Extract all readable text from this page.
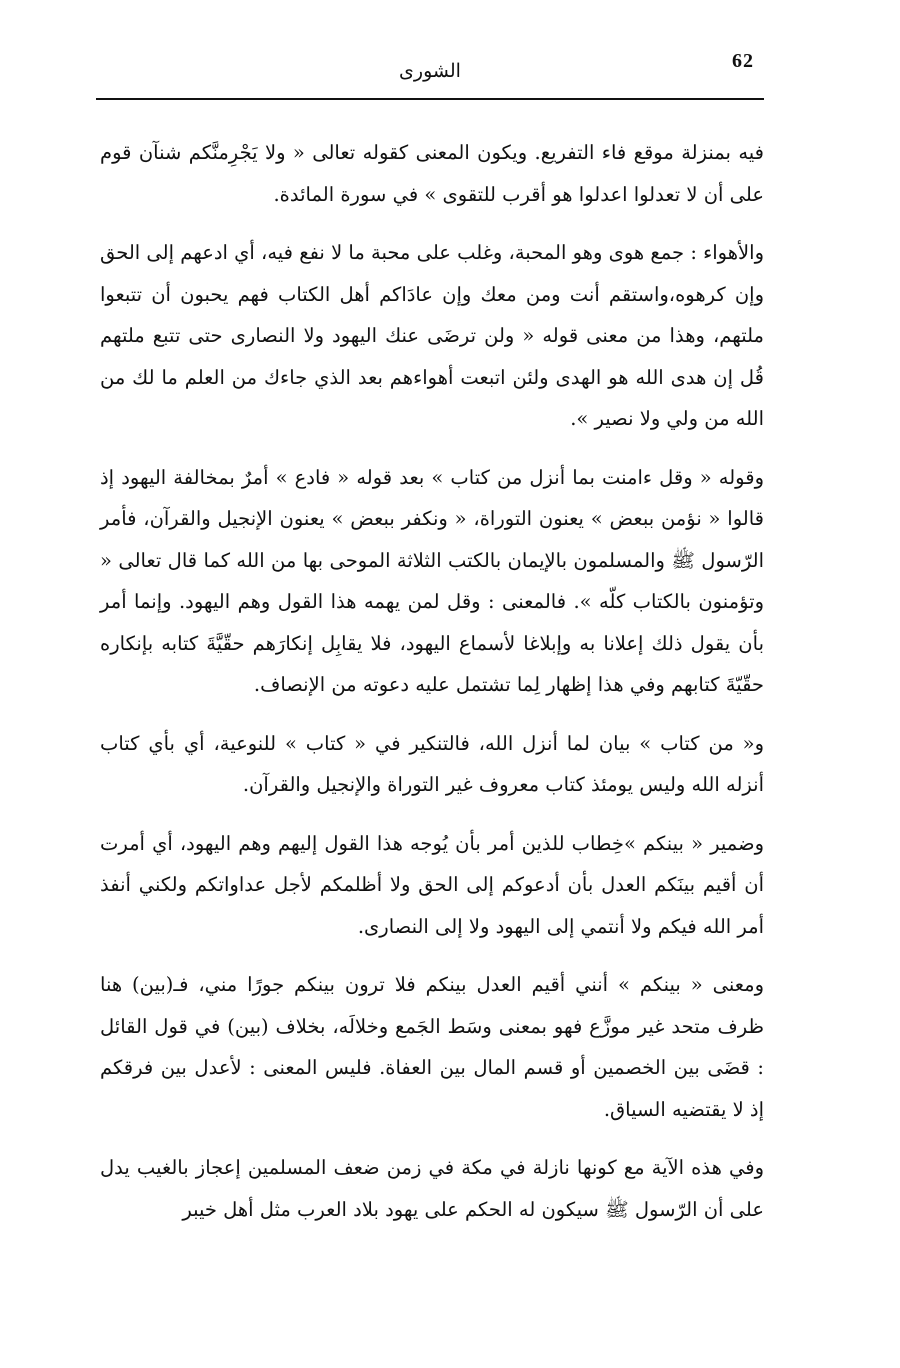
62
الشورى

فيه بمنزلة موقع فاء التفريع. ويكون المعنى كقوله تعالى « ولا يَجْرِمنَّكم شنآن قوم على أن لا تعدلوا اعدلوا هو أقرب للتقوى » في سورة المائدة.

والأهواء : جمع هوى وهو المحبة، وغلب على محبة ما لا نفع فيه، أي ادعهم إلى الحق وإن كرهوه،واستقم أنت ومن معك وإن عادَاكم أهل الكتاب فهم يحبون أن تتبعوا ملتهم، وهذا من معنى قوله « ولن ترضَى عنك اليهود ولا النصارى حتى تتبع ملتهم قُل إن هدى الله هو الهدى ولئن اتبعت أهواءهم بعد الذي جاءك من العلم ما لك من الله من ولي ولا نصير ».

وقوله « وقل ءامنت بما أنزل من كتاب » بعد قوله « فادع » أمرٌ بمخالفة اليهود إذ قالوا « نؤمن ببعض » يعنون التوراة، « ونكفر ببعض » يعنون الإنجيل والقرآن، فأمر الرّسول ﷺ والمسلمون بالإيمان بالكتب الثلاثة الموحى بها من الله كما قال تعالى « وتؤمنون بالكتاب كلّه ». فالمعنى : وقل لمن يهمه هذا القول وهم اليهود. وإنما أمر بأن يقول ذلك إعلانا به وإبلاغا لأسماع اليهود، فلا يقابِل إنكارَهم حقّيَّةَ كتابه بإنكاره حقّيّةَ كتابهم وفي هذا إظهار لِما تشتمل عليه دعوته من الإنصاف.

و« من كتاب » بيان لما أنزل الله، فالتنكير في « كتاب » للنوعية، أي بأي كتاب أنزله الله وليس يومئذ كتاب معروف غير التوراة والإنجيل والقرآن.

وضمير « بينكم »خِطاب للذين أمر بأن يُوجه هذا القول إليهم وهم اليهود، أي أمرت أن أقيم بينَكم العدل بأن أدعوكم إلى الحق ولا أظلمكم لأجل عداواتكم ولكني أنفذ أمر الله فيكم ولا أنتمي إلى اليهود ولا إلى النصارى.

ومعنى « بينكم » أنني أقيم العدل بينكم فلا ترون بينكم جورًا مني، فـ(بين) هنا ظرف متحد غير موزَّع فهو بمعنى وسَط الجَمع وخلالَه، بخلاف (بين) في قول القائل : قضَى بين الخصمين أو قسم المال بين العفاة. فليس المعنى : لأعدل بين فرقكم إذ لا يقتضيه السياق.

وفي هذه الآية مع كونها نازلة في مكة في زمن ضعف المسلمين إعجاز بالغيب يدل على أن الرّسول ﷺ سيكون له الحكم على يهود بلاد العرب مثل أهل خيبر
